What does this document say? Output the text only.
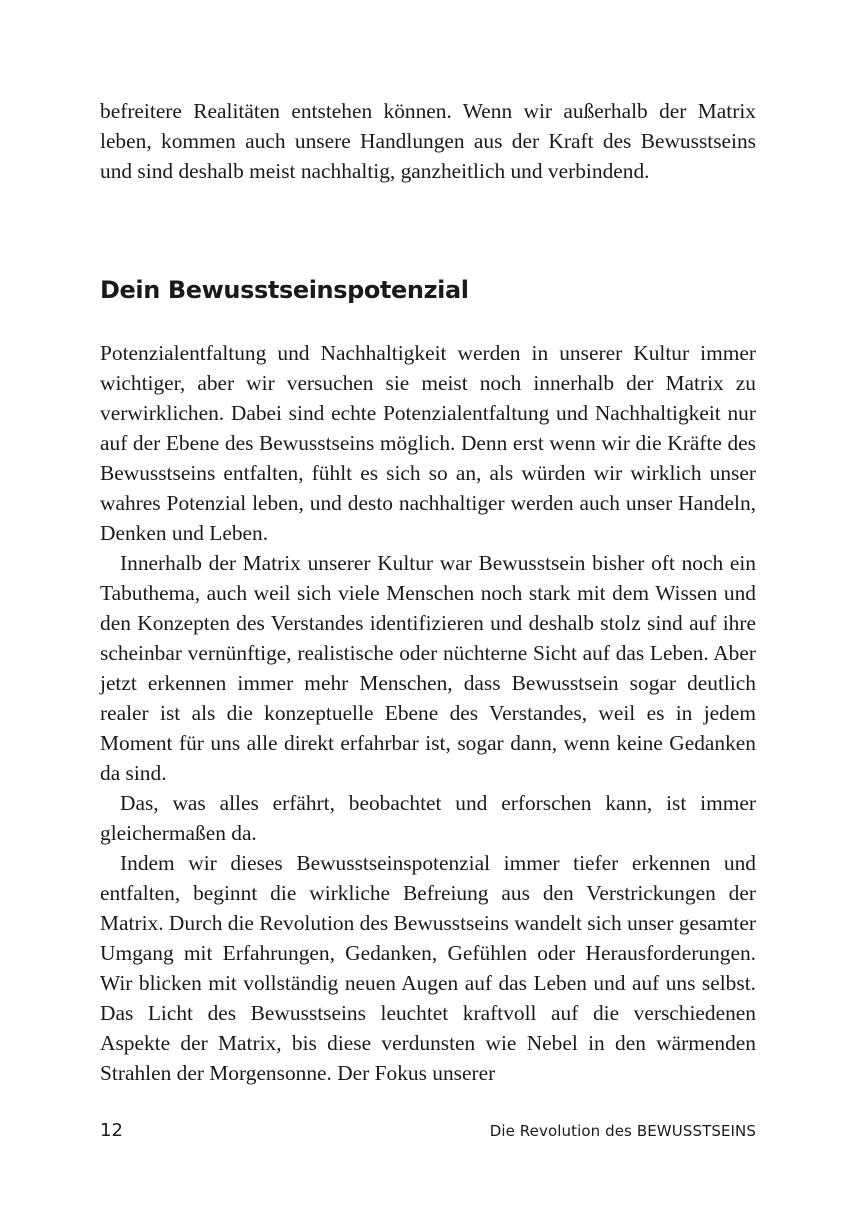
befreitere Realitäten entstehen können. Wenn wir außerhalb der Matrix leben, kommen auch unsere Handlungen aus der Kraft des Bewusstseins und sind deshalb meist nachhaltig, ganzheitlich und verbindend.

Dein Bewusstseinspotenzial

Potenzialentfaltung und Nachhaltigkeit werden in unserer Kultur immer wichtiger, aber wir versuchen sie meist noch innerhalb der Matrix zu verwirklichen. Dabei sind echte Potenzialentfaltung und Nachhaltigkeit nur auf der Ebene des Bewusstseins möglich. Denn erst wenn wir die Kräfte des Bewusstseins entfalten, fühlt es sich so an, als würden wir wirklich unser wahres Potenzial leben, und desto nachhaltiger werden auch unser Handeln, Denken und Leben.

Innerhalb der Matrix unserer Kultur war Bewusstsein bisher oft noch ein Tabuthema, auch weil sich viele Menschen noch stark mit dem Wissen und den Konzepten des Verstandes identifizieren und deshalb stolz sind auf ihre scheinbar vernünftige, realistische oder nüchterne Sicht auf das Leben. Aber jetzt erkennen immer mehr Menschen, dass Bewusstsein sogar deutlich realer ist als die konzeptuelle Ebene des Verstandes, weil es in jedem Moment für uns alle direkt erfahrbar ist, sogar dann, wenn keine Gedanken da sind.

Das, was alles erfährt, beobachtet und erforschen kann, ist immer gleichermaßen da.

Indem wir dieses Bewusstseinspotenzial immer tiefer erkennen und entfalten, beginnt die wirkliche Befreiung aus den Verstrickungen der Matrix. Durch die Revolution des Bewusstseins wandelt sich unser gesamter Umgang mit Erfahrungen, Gedanken, Gefühlen oder Herausforderungen. Wir blicken mit vollständig neuen Augen auf das Leben und auf uns selbst. Das Licht des Bewusstseins leuchtet kraftvoll auf die verschiedenen Aspekte der Matrix, bis diese verdunsten wie Nebel in den wärmenden Strahlen der Morgensonne. Der Fokus unserer

12	Die Revolution des BEWUSSTSEINS
